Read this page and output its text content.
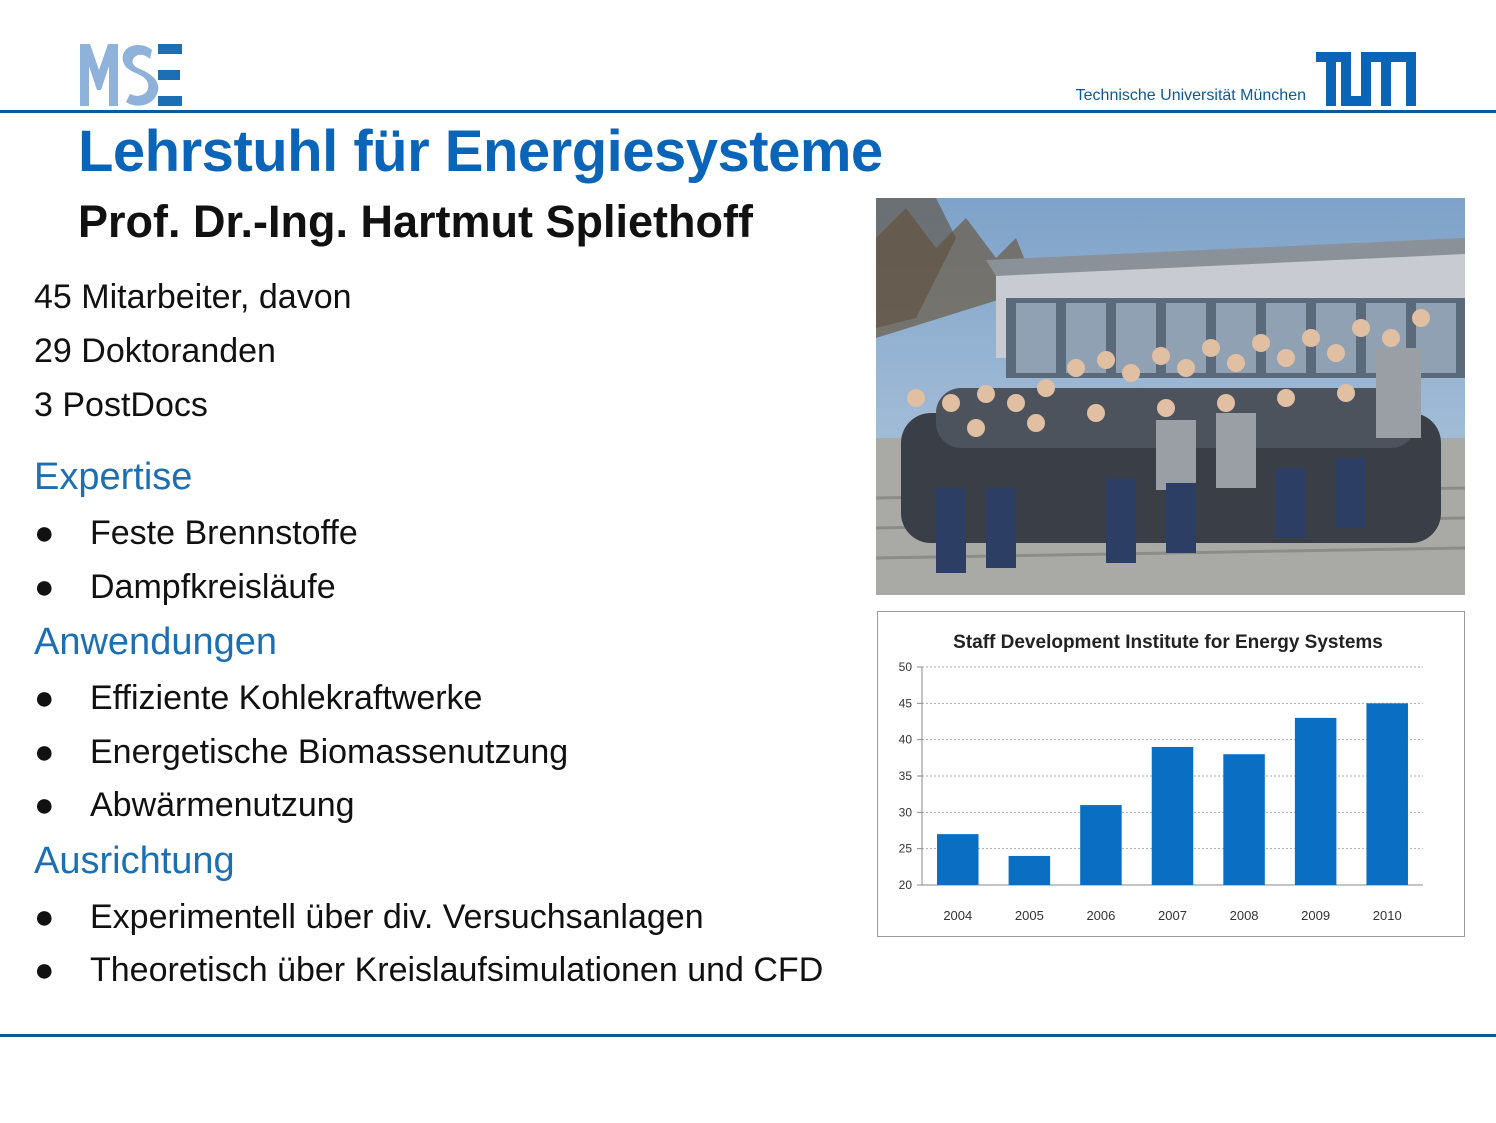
Technische Universität München
Lehrstuhl für Energiesysteme
Prof. Dr.-Ing. Hartmut Spliethoff
45 Mitarbeiter, davon
29 Doktoranden
3 PostDocs
Expertise
● Feste Brennstoffe
● Dampfkreisläufe
Anwendungen
● Effiziente Kohlekraftwerke
● Energetische Biomassenutzung
● Abwärmenutzung
Ausrichtung
● Experimentell über div. Versuchsanlagen
● Theoretisch über Kreislaufsimulationen und CFD
Staff Development Institute for Energy Systems
20
25
30
35
40
45
50
2004	2005	2006	2007	2008	2009	2010
